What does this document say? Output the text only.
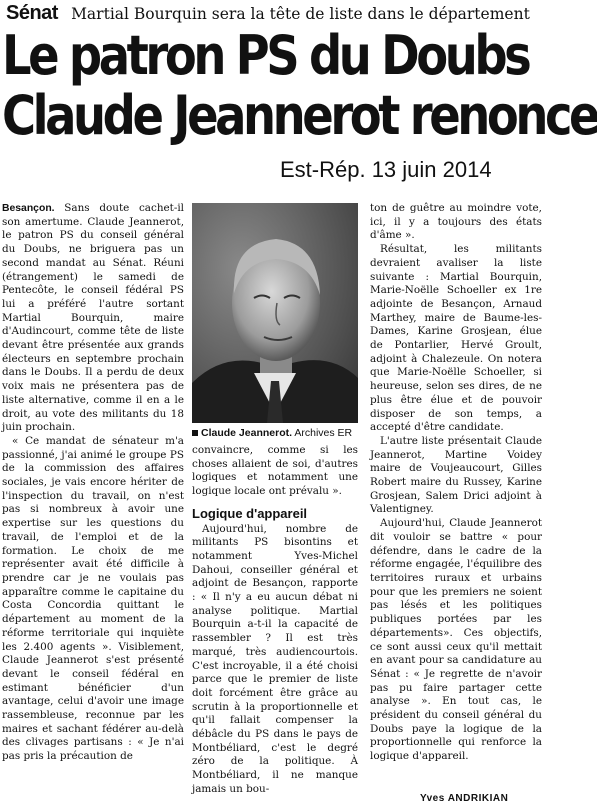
Sénat Martial Bourquin sera la tête de liste dans le département
Le patron PS du Doubs
Claude Jeannerot renonce
Est-Rép. 13 juin 2014

Besançon. Sans doute cachet-il son amertume. Claude Jeannerot, le patron PS du conseil général du Doubs, ne briguera pas un second mandat au Sénat. Réuni (étrangement) le samedi de Pentecôte, le conseil fédéral PS lui a préféré l'autre sortant Martial Bourquin, maire d'Audincourt, comme tête de liste devant être présentée aux grands électeurs en septembre prochain dans le Doubs. Il a perdu de deux voix mais ne présentera pas de liste alternative, comme il en a le droit, au vote des militants du 18 juin prochain.

« Ce mandat de sénateur m'a passionné, j'ai animé le groupe PS de la commission des affaires sociales, je vais encore hériter de l'inspection du travail, on n'est pas si nombreux à avoir une expertise sur les questions du travail, de l'emploi et de la formation. Le choix de me représenter avait été difficile à prendre car je ne voulais pas apparaître comme le capitaine du Costa Concordia quittant le département au moment de la réforme territoriale qui inquiète les 2.400 agents ». Visiblement, Claude Jeannerot s'est présenté devant le conseil fédéral en estimant bénéficier d'un avantage, celui d'avoir une image rassembleuse, reconnue par les maires et sachant fédérer au-delà des clivages partisans : « Je n'ai pas pris la précaution de

Claude Jeannerot. Archives ER

convaincre, comme si les choses allaient de soi, d'autres logiques et notamment une logique locale ont prévalu ».

Logique d'appareil

Aujourd'hui, nombre de militants PS bisontins et notamment Yves-Michel Dahoui, conseiller général et adjoint de Besançon, rapporte : « Il n'y a eu aucun débat ni analyse politique. Martial Bourquin a-t-il la capacité de rassembler ? Il est très marqué, très audiencourtois. C'est incroyable, il a été choisi parce que le premier de liste doit forcément être grâce au scrutin à la proportionnelle et qu'il fallait compenser la débâcle du PS dans le pays de Montbéliard, c'est le degré zéro de la politique. À Montbéliard, il ne manque jamais un bou-

ton de guêtre au moindre vote, ici, il y a toujours des états d'âme ».

Résultat, les militants devraient avaliser la liste suivante : Martial Bourquin, Marie-Noëlle Schoeller ex 1re adjointe de Besançon, Arnaud Marthey, maire de Baume-les-Dames, Karine Grosjean, élue de Pontarlier, Hervé Groult, adjoint à Chalezeule. On notera que Marie-Noëlle Schoeller, si heureuse, selon ses dires, de ne plus être élue et de pouvoir disposer de son temps, a accepté d'être candidate.

L'autre liste présentait Claude Jeannerot, Martine Voidey maire de Voujeaucourt, Gilles Robert maire du Russey, Karine Grosjean, Salem Drici adjoint à Valentigney.

Aujourd'hui, Claude Jeannerot dit vouloir se battre « pour défendre, dans le cadre de la réforme engagée, l'équilibre des territoires ruraux et urbains pour que les premiers ne soient pas lésés et les politiques publiques portées par les départements». Ces objectifs, ce sont aussi ceux qu'il mettait en avant pour sa candidature au Sénat : « Je regrette de n'avoir pas pu faire partager cette analyse ». En tout cas, le président du conseil général du Doubs paye la logique de la proportionnelle qui renforce la logique d'appareil.

Yves ANDRIKIAN
